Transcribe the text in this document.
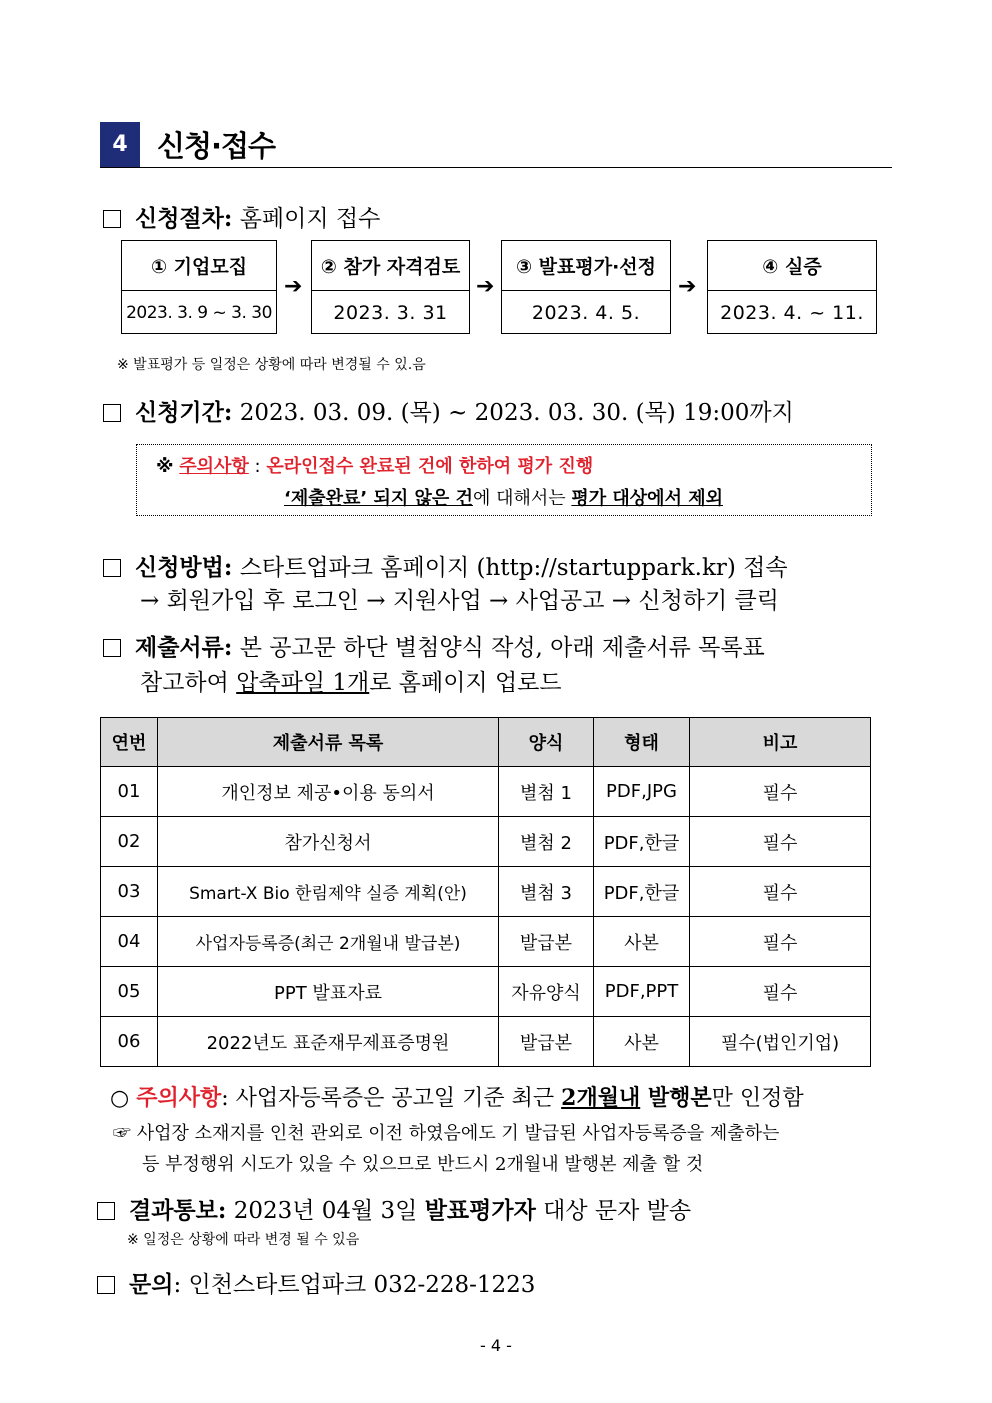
4	신청·접수
신청절차: 홈페이지 접수
① 기업모집
2023. 3. 9 ~ 3. 30
➔
② 참가 자격검토
2023. 3. 31
➔
③ 발표평가·선정
2023. 4. 5.
➔
④ 실증
2023. 4. ~ 11.
※ 발표평가 등 일정은 상황에 따라 변경될 수 있.음
신청기간: 2023. 03. 09. (목) ~ 2023. 03. 30. (목) 19:00까지
※ 주의사항 : 온라인접수 완료된 건에 한하여 평가 진행
‘제출완료’ 되지 않은 건에 대해서는 평가 대상에서 제외
신청방법: 스타트업파크 홈페이지 (http://startuppark.kr) 접속
→ 회원가입 후 로그인 → 지원사업 → 사업공고 → 신청하기 클릭
제출서류: 본 공고문 하단 별첨양식 작성, 아래 제출서류 목록표
참고하여 압축파일 1개로 홈페이지 업로드
연번	제출서류 목록	양식	형태	비고
01	개인정보 제공•이용 동의서	별첨 1	PDF,JPG	필수
02	참가신청서	별첨 2	PDF,한글	필수
03	Smart-X Bio 한림제약 실증 계획(안)	별첨 3	PDF,한글	필수
04	사업자등록증(최근 2개월내 발급본)	발급본	사본	필수
05	PPT 발표자료	자유양식	PDF,PPT	필수
06	2022년도 표준재무제표증명원	발급본	사본	필수(법인기업)
○ 주의사항: 사업자등록증은 공고일 기준 최근 2개월내 발행본만 인정함
☞ 사업장 소재지를 인천 관외로 이전 하였음에도 기 발급된 사업자등록증을 제출하는
등 부정행위 시도가 있을 수 있으므로 반드시 2개월내 발행본 제출 할 것
결과통보: 2023년 04월 3일 발표평가자 대상 문자 발송
※ 일정은 상황에 따라 변경 될 수 있음
문의: 인천스타트업파크 032-228-1223
- 4 -
